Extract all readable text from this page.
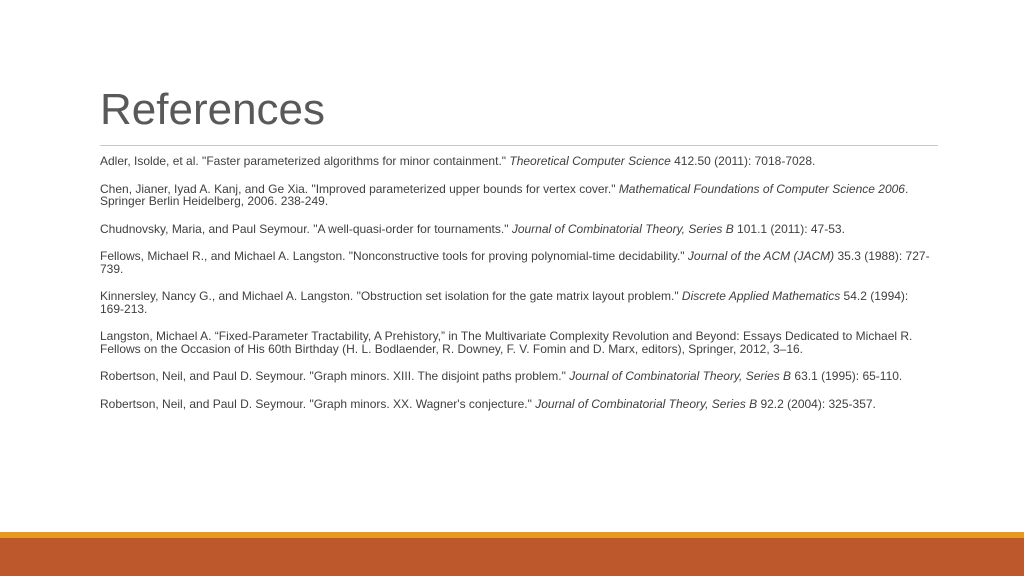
References
Adler, Isolde, et al. "Faster parameterized algorithms for minor containment." Theoretical Computer Science 412.50 (2011): 7018-7028.
Chen, Jianer, Iyad A. Kanj, and Ge Xia. "Improved parameterized upper bounds for vertex cover." Mathematical Foundations of Computer Science 2006. Springer Berlin Heidelberg, 2006. 238-249.
Chudnovsky, Maria, and Paul Seymour. "A well-quasi-order for tournaments." Journal of Combinatorial Theory, Series B 101.1 (2011): 47-53.
Fellows, Michael R., and Michael A. Langston. "Nonconstructive tools for proving polynomial-time decidability." Journal of the ACM (JACM) 35.3 (1988): 727-739.
Kinnersley, Nancy G., and Michael A. Langston. "Obstruction set isolation for the gate matrix layout problem." Discrete Applied Mathematics 54.2 (1994): 169-213.
Langston, Michael A. “Fixed-Parameter Tractability, A Prehistory,” in The Multivariate Complexity Revolution and Beyond: Essays Dedicated to Michael R. Fellows on the Occasion of His 60th Birthday (H. L. Bodlaender, R. Downey, F. V. Fomin and D. Marx, editors), Springer, 2012, 3–16.
Robertson, Neil, and Paul D. Seymour. "Graph minors. XIII. The disjoint paths problem." Journal of Combinatorial Theory, Series B 63.1 (1995): 65-110.
Robertson, Neil, and Paul D. Seymour. "Graph minors. XX. Wagner's conjecture." Journal of Combinatorial Theory, Series B 92.2 (2004): 325-357.
